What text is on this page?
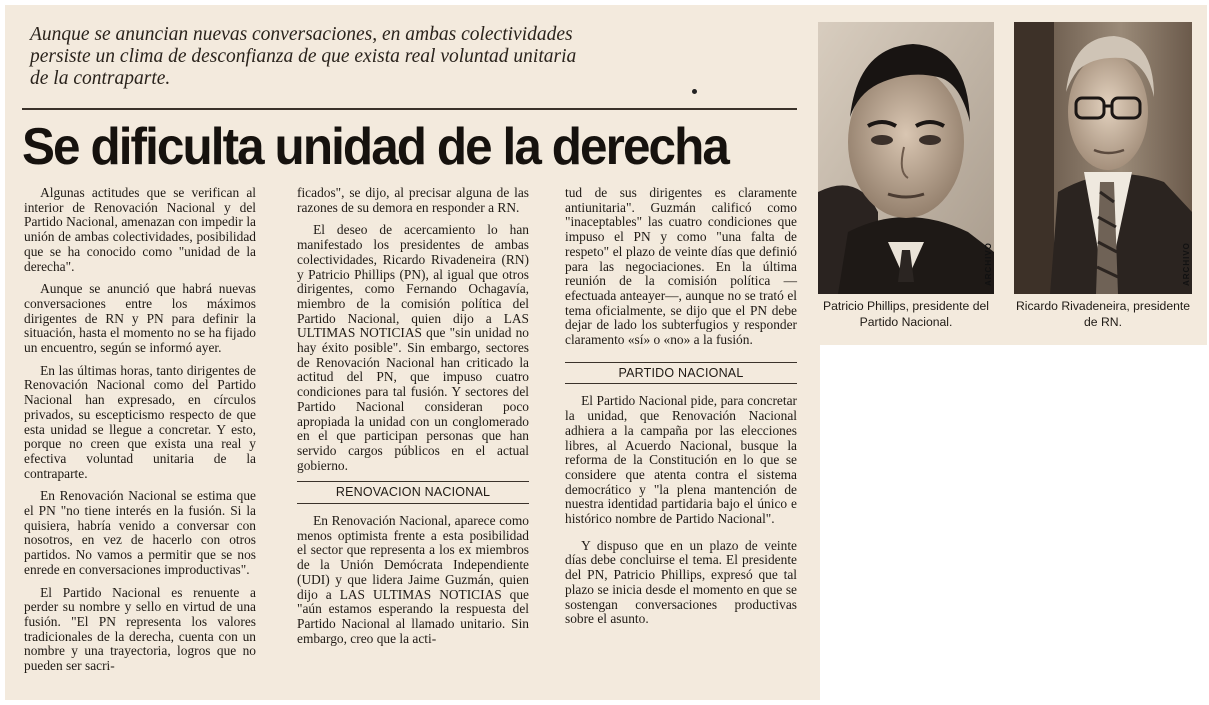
Aunque se anuncian nuevas conversaciones, en ambas colectividades persiste un clima de desconfianza de que exista real voluntad unitaria de la contraparte.
Se dificulta unidad de la derecha

Algunas actitudes que se verifican al interior de Renovación Nacional y del Partido Nacional, amenazan con impedir la unión de ambas colectividades, posibilidad que se ha conocido como "unidad de la derecha".

Aunque se anunció que habrá nuevas conversaciones entre los máximos dirigentes de RN y PN para definir la situación, hasta el momento no se ha fijado un encuentro, según se informó ayer.

En las últimas horas, tanto dirigentes de Renovación Nacional como del Partido Nacional han expresado, en círculos privados, su escepticismo respecto de que esta unidad se llegue a concretar. Y esto, porque no creen que exista una real y efectiva voluntad unitaria de la contraparte.

En Renovación Nacional se estima que el PN "no tiene interés en la fusión. Si la quisiera, habría venido a conversar con nosotros, en vez de hacerlo con otros partidos. No vamos a permitir que se nos enrede en conversaciones improductivas".

El Partido Nacional es renuente a perder su nombre y sello en virtud de una fusión. "El PN representa los valores tradicionales de la derecha, cuenta con un nombre y una trayectoria, logros que no pueden ser sacri-

ficados", se dijo, al precisar alguna de las razones de su demora en responder a RN.

El deseo de acercamiento lo han manifestado los presidentes de ambas colectividades, Ricardo Rivadeneira (RN) y Patricio Phillips (PN), al igual que otros dirigentes, como Fernando Ochagavía, miembro de la comisión política del Partido Nacional, quien dijo a LAS ULTIMAS NOTICIAS que "sin unidad no hay éxito posible". Sin embargo, sectores de Renovación Nacional han criticado la actitud del PN, que impuso cuatro condiciones para tal fusión. Y sectores del Partido Nacional consideran poco apropiada la unidad con un conglomerado en el que participan personas que han servido cargos públicos en el actual gobierno.

RENOVACION NACIONAL

En Renovación Nacional, aparece como menos optimista frente a esta posibilidad el sector que representa a los ex miembros de la Unión Demócrata Independiente (UDI) y que lidera Jaime Guzmán, quien dijo a LAS ULTIMAS NOTICIAS que "aún estamos esperando la respuesta del Partido Nacional al llamado unitario. Sin embargo, creo que la acti-

tud de sus dirigentes es claramente antiunitaria". Guzmán calificó como "inaceptables" las cuatro condiciones que impuso el PN y como "una falta de respeto" el plazo de veinte días que definió para las negociaciones. En la última reunión de la comisión política —efectuada anteayer—, aunque no se trató el tema oficialmente, se dijo que el PN debe dejar de lado los subterfugios y responder claramento «sí» o «no» a la fusión.

PARTIDO NACIONAL

El Partido Nacional pide, para concretar la unidad, que Renovación Nacional adhiera a la campaña por las elecciones libres, al Acuerdo Nacional, busque la reforma de la Constitución en lo que se considere que atenta contra el sistema democrático y "la plena mantención de nuestra identidad partidaria bajo el único e histórico nombre de Partido Nacional".

Y dispuso que en un plazo de veinte días debe concluirse el tema. El presidente del PN, Patricio Phillips, expresó que tal plazo se inicia desde el momento en que se sostengan conversaciones productivas sobre el asunto.

ARCHIVO
Patricio Phillips, presidente del Partido Nacional.
ARCHIVO
Ricardo Rivadeneira, presidente de RN.
